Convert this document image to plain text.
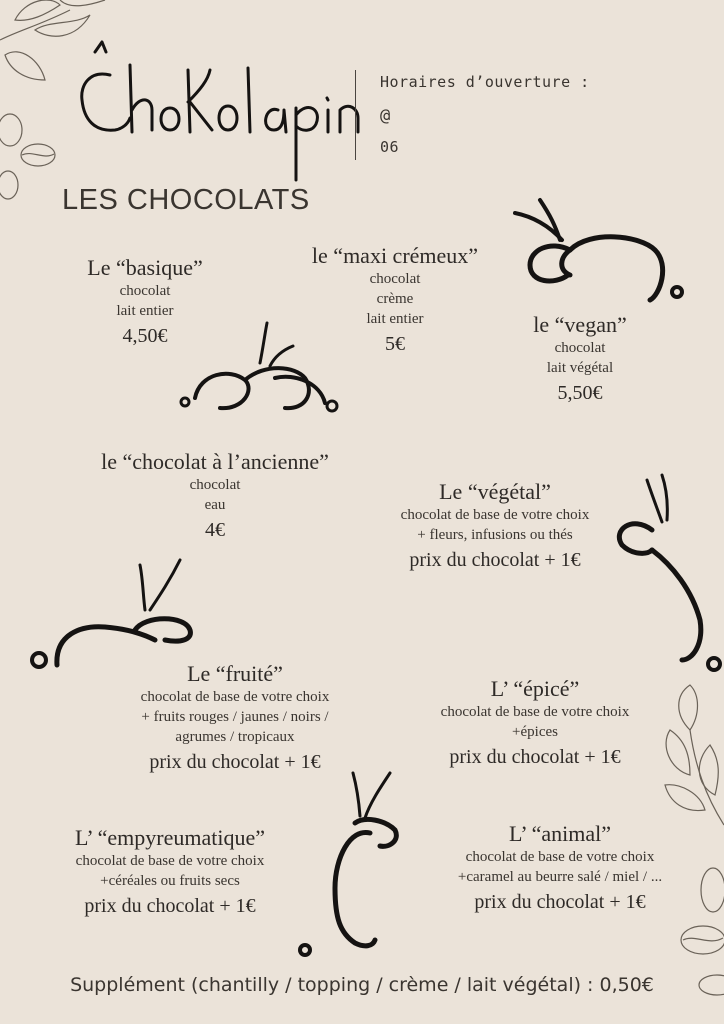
Horaires d’ouverture :
@
06
LES CHOCOLATS
Le “basique”
chocolat
lait entier
4,50€
le “maxi crémeux”
chocolat
crème
lait entier
5€
le “vegan”
chocolat
lait végétal
5,50€
le “chocolat à l’ancienne”
chocolat
eau
4€
Le “végétal”
chocolat de base de votre choix
+ fleurs, infusions ou thés
prix du chocolat + 1€
Le “fruité”
chocolat de base de votre choix
+ fruits rouges / jaunes / noirs /
agrumes / tropicaux
prix du chocolat + 1€
L’ “épicé”
chocolat de base de votre choix
+épices
prix du chocolat + 1€
L’ “empyreumatique”
chocolat de base de votre choix
+céréales ou fruits secs
prix du chocolat + 1€
L’ “animal”
chocolat de base de votre choix
+caramel au beurre salé / miel / ...
prix du chocolat + 1€
Supplément (chantilly / topping / crème / lait végétal) : 0,50€
